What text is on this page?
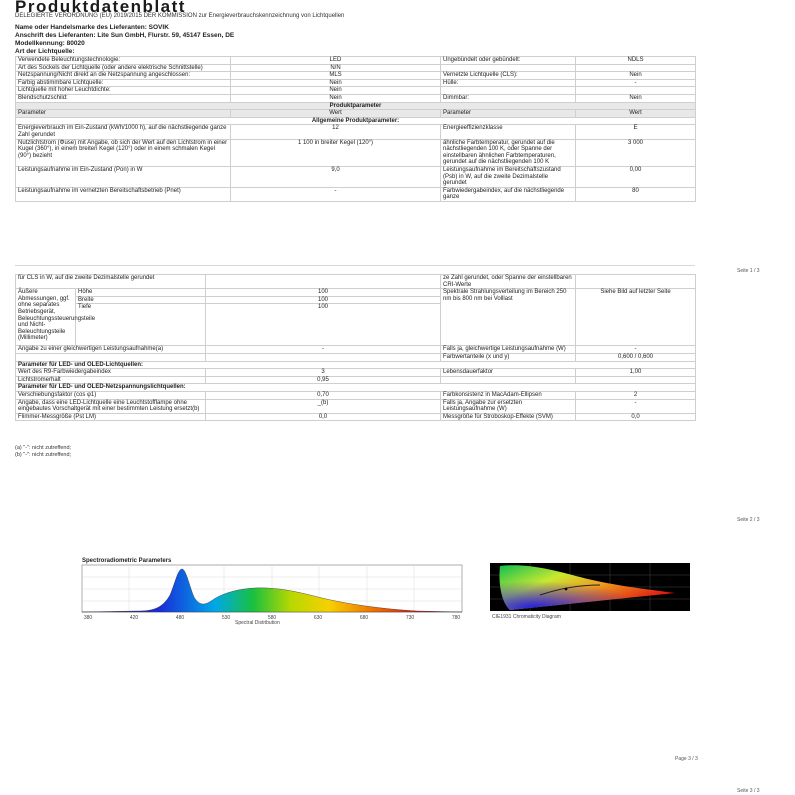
Produktdatenblatt
DELEGIERTE VERORDNUNG (EU) 2019/2015 DER KOMMISSION zur Energieverbrauchskennzeichnung von Lichtquellen
Name oder Handelsmarke des Lieferanten: SOVIK
Anschrift des Lieferanten: Lite Sun GmbH, Flurstr. 59, 45147 Essen, DE
Modellkennung: 80020
Art der Lichtquelle:
Verwendete Beleuchtungstechnologie:	LED	Ungebündelt oder gebündelt:	NDLS
Art des Sockels der Lichtquelle (oder andere elektrische Schnittstelle)	N/N		
Netzspannung/Nicht direkt an die Netzspannung angeschlossen:	MLS	Vernetzte Lichtquelle (CLS):	Nein
Farbig abstimmbare Lichtquelle:	Nein	Hülle:	-
Lichtquelle mit hoher Leuchtdichte:	Nein		
Blendschutzschild:	Nein	Dimmbar:	Nein
Produktparameter			
Parameter	Wert	Parameter	Wert
Allgemeine Produktparameter:			
Energieverbrauch im Ein-Zustand (kWh/1000 h), auf die nächstliegende ganze Zahl gerundet	12	Energieeffizienzklasse	E
Nutzlichtstrom (Φuse) mit Angabe, ob sich der Wert auf den Lichtstrom in einer Kugel (360°), in einem breiten Kegel (120°) oder in einem schmalen Kegel (90°) bezieht	1 100 in breiter Kegel (120°)	ähnliche Farbtemperatur, gerundet auf die nächstliegenden 100 K, oder Spanne der einstellbaren ähnlichen Farbtemperaturen, gerundet auf die nächstliegenden 100 K	3 000
Leistungsaufnahme im Ein-Zustand (Pon) in W	9,0	Leistungsaufnahme im Bereitschaftszustand (Psb) in W, auf die zweite Dezimalstelle gerundet	0,00
Leistungsaufnahme im vernetzten Bereitschaftsbetrieb (Pnet)	-	Farbwiedergabeindex, auf die nächstliegende ganze	80
Seite 1 / 3
für CLS in W, auf die zweite Dezimalstelle gerundet			ze Zahl gerundet, oder Spanne der einstellbaren CRI-Werte	
Äußere Abmessungen, ggf. ohne separates Betriebsgerät, Beleuchtungssteuerungsteile und Nicht-Beleuchtungsteile (Millimeter)	Höhe	100	Spektrale Strahlungsverteilung im Bereich 250 nm bis 800 nm bei Volllast	Siehe Bild auf letzter Seite
	Breite	100		
	Tiefe	100		
Angabe zu einer gleichwertigen Leistungsaufnahme(a)		-	Falls ja, gleichwertige Leistungsaufnahme (W)	-
			Farbwertanteile (x und y)	0,600 / 0,600
Parameter für LED- und OLED-Lichtquellen:				
Wert des R9-Farbwiedergabeindex		3	Lebensdauerfaktor	1,00
Lichtstromerhalt		0,95		
Parameter für LED- und OLED-Netzspannungslichtquellen:				
Verschiebungsfaktor (cos φ1)		0,70	Farbkonsistenz in MacAdam-Ellipsen	2
Angabe, dass eine LED-Lichtquelle eine Leuchtstofflampe ohne eingebautes Vorschaltgerät mit einer bestimmten Leistung ersetzt(b)		_(b)	Falls ja, Angabe zur ersetzten Leistungsaufnahme (W)	-
Flimmer-Messgröße (Pst LM)		0,0	Messgröße für Stroboskop-Effekte (SVM)	0,0
(a) "-": nicht zutreffend;
(b) "-": nicht zutreffend;
Seite 2 / 3
Spectroradiometric Parameters
380	420	480	530	580	630	680	730	780
Spectral Distribution
CIE1931 Chromaticity Diagram
Page 3 / 3
Seite 3 / 3
